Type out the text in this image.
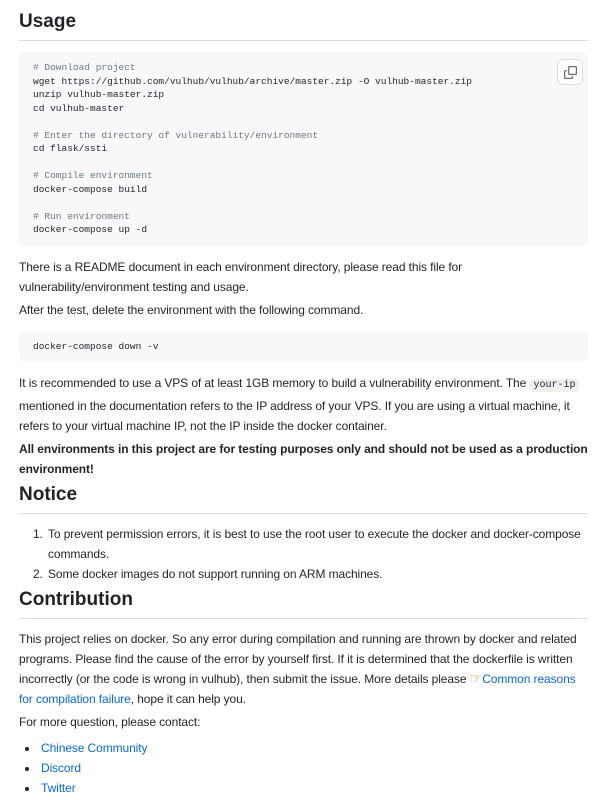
Usage
# Download project
wget https://github.com/vulhub/vulhub/archive/master.zip -O vulhub-master.zip
unzip vulhub-master.zip
cd vulhub-master
# Enter the directory of vulnerability/environment
cd flask/ssti
# Compile environment
docker-compose build
# Run environment
docker-compose up -d

There is a README document in each environment directory, please read this file for vulnerability/environment testing and usage.

After the test, delete the environment with the following command.

docker-compose down -v

It is recommended to use a VPS of at least 1GB memory to build a vulnerability environment. The your-ip mentioned in the documentation refers to the IP address of your VPS. If you are using a virtual machine, it refers to your virtual machine IP, not the IP inside the docker container.

All environments in this project are for testing purposes only and should not be used as a production environment!

Notice
1. To prevent permission errors, it is best to use the root user to execute the docker and docker-compose commands.
2. Some docker images do not support running on ARM machines.
Contribution

This project relies on docker. So any error during compilation and running are thrown by docker and related programs. Please find the cause of the error by yourself first. If it is determined that the dockerfile is written incorrectly (or the code is wrong in vulhub), then submit the issue. More details please ☞Common reasons for compilation failure, hope it can help you.

For more question, please contact:

• Chinese Community
• Discord
• Twitter
